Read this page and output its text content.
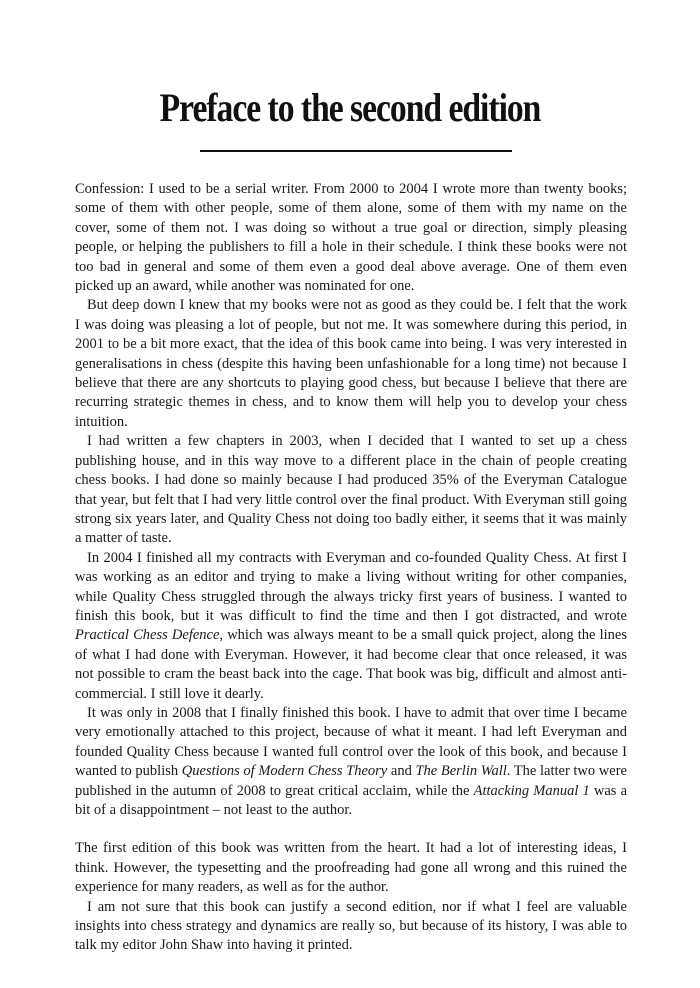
Preface to the second edition

Confession: I used to be a serial writer. From 2000 to 2004 I wrote more than twenty books; some of them with other people, some of them alone, some of them with my name on the cover, some of them not. I was doing so without a true goal or direction, simply pleasing people, or helping the publishers to fill a hole in their schedule. I think these books were not too bad in general and some of them even a good deal above average. One of them even picked up an award, while another was nominated for one.

But deep down I knew that my books were not as good as they could be. I felt that the work I was doing was pleasing a lot of people, but not me. It was somewhere during this period, in 2001 to be a bit more exact, that the idea of this book came into being. I was very interested in generalisations in chess (despite this having been unfashionable for a long time) not because I believe that there are any shortcuts to playing good chess, but because I believe that there are recurring strategic themes in chess, and to know them will help you to develop your chess intuition.

I had written a few chapters in 2003, when I decided that I wanted to set up a chess publishing house, and in this way move to a different place in the chain of people creating chess books. I had done so mainly because I had produced 35% of the Everyman Catalogue that year, but felt that I had very little control over the final product. With Everyman still going strong six years later, and Quality Chess not doing too badly either, it seems that it was mainly a matter of taste.

In 2004 I finished all my contracts with Everyman and co-founded Quality Chess. At first I was working as an editor and trying to make a living without writing for other companies, while Quality Chess struggled through the always tricky first years of business. I wanted to finish this book, but it was difficult to find the time and then I got distracted, and wrote Practical Chess Defence, which was always meant to be a small quick project, along the lines of what I had done with Everyman. However, it had become clear that once released, it was not possible to cram the beast back into the cage. That book was big, difficult and almost anti-commercial. I still love it dearly.

It was only in 2008 that I finally finished this book. I have to admit that over time I became very emotionally attached to this project, because of what it meant. I had left Everyman and founded Quality Chess because I wanted full control over the look of this book, and because I wanted to publish Questions of Modern Chess Theory and The Berlin Wall. The latter two were published in the autumn of 2008 to great critical acclaim, while the Attacking Manual 1 was a bit of a disappointment – not least to the author.

The first edition of this book was written from the heart. It had a lot of interesting ideas, I think. However, the typesetting and the proofreading had gone all wrong and this ruined the experience for many readers, as well as for the author.

I am not sure that this book can justify a second edition, nor if what I feel are valuable insights into chess strategy and dynamics are really so, but because of its history, I was able to talk my editor John Shaw into having it printed.
